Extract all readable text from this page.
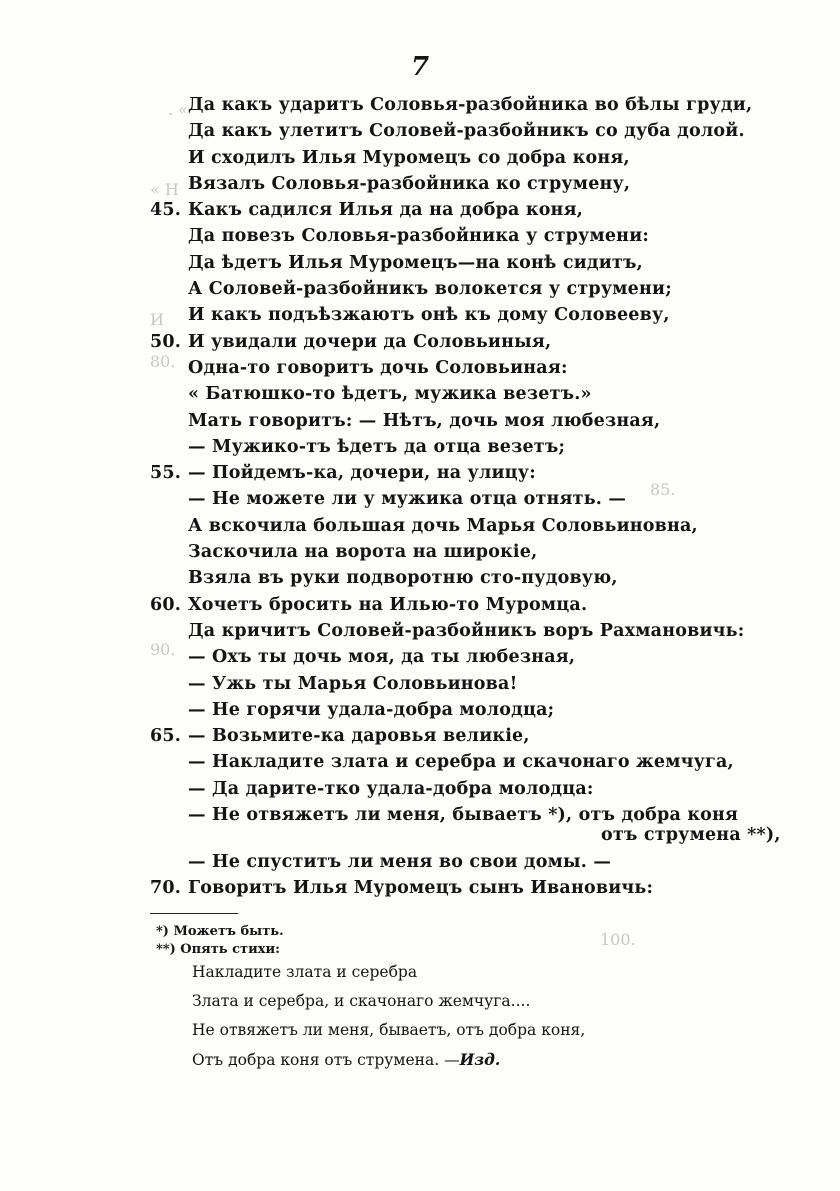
. «
« Н
И
80.
85.
90.
100.
7
Да какъ ударитъ Соловья-разбойника во бѣлы груди,
Да какъ улетитъ Соловей-разбойникъ со дуба долой.
И сходилъ Илья Муромецъ со добра коня,
Вязалъ Соловья-разбойника ко струмену,
45. Какъ садился Илья да на добра коня,
Да повезъ Соловья-разбойника у струмени:
Да ѣдетъ Илья Муромецъ—на конѣ сидитъ,
А Соловей-разбойникъ волокется у струмени;
И какъ подъѣзжаютъ онѣ къ дому Соловееву,
50. И увидали дочери да Соловьиныя,
Одна-то говоритъ дочь Соловьиная:
« Батюшко-то ѣдетъ, мужика везетъ.»
Мать говоритъ: — Нѣтъ, дочь моя любезная,
— Мужико-тъ ѣдетъ да отца везетъ;
55. — Пойдемъ-ка, дочери, на улицу:
— Не можете ли у мужика отца отнять. —
А вскочила большая дочь Марья Соловьиновна,
Заскочила на ворота на широкіе,
Взяла въ руки подворотню сто-пудовую,
60. Хочетъ бросить на Илью-то Муромца.
Да кричитъ Соловей-разбойникъ воръ Рахмановичь:
— Охъ ты дочь моя, да ты любезная,
— Ужь ты Марья Соловьинова!
— Не горячи удала-добра молодца;
65. — Возьмите-ка даровья великіе,
— Накладите злата и серебра и скачонаго жемчуга,
— Да дарите-тко удала-добра молодца:
— Не отвяжетъ ли меня, бываетъ *), отъ добра коня
отъ струмена **),
— Не спуститъ ли меня во свои домы. —
70. Говоритъ Илья Муромецъ сынъ Ивановичь:
*) Можетъ быть.
**) Опять стихи:
Накладите злата и серебра
Злата и серебра, и скачонаго жемчуга....
Не отвяжетъ ли меня, бываетъ, отъ добра коня,
Отъ добра коня отъ струмена. —Изд.
